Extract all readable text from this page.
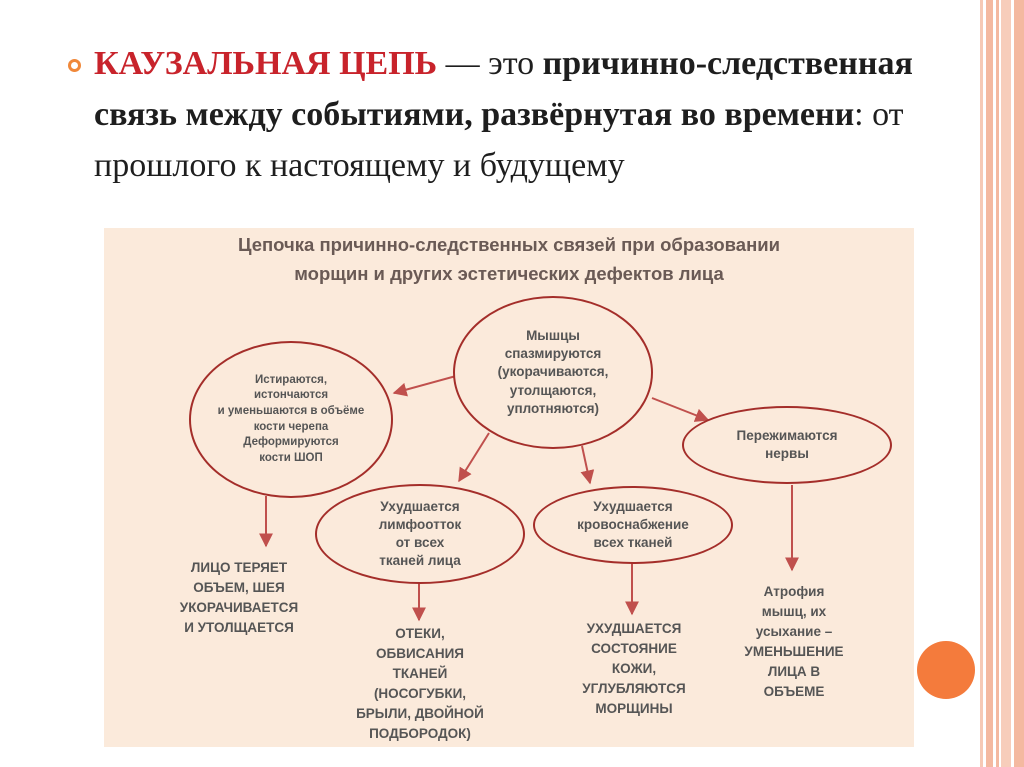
КАУЗАЛЬНАЯ ЦЕПЬ — это причинно-следственная связь между событиями, развёрнутая во времени: от прошлого к настоящему и будущему

Цепочка причинно-следственных связей при образовании
морщин и других эстетических дефектов лица

Мышцы
спазмируются
(укорачиваются,
утолщаются,
уплотняются)
Истираются,
истончаются
и уменьшаются в объёме
кости черепа
Деформируются
кости ШОП
Пережимаются
нервы
Ухудшается
лимфоотток
от всех
тканей лица
Ухудшается
кровоснабжение
всех тканей
ЛИЦО ТЕРЯЕТ
ОБЪЕМ, ШЕЯ
УКОРАЧИВАЕТСЯ
И УТОЛЩАЕТСЯ	ОТЕКИ,
ОБВИСАНИЯ
ТКАНЕЙ
(НОСОГУБКИ,
БРЫЛИ, ДВОЙНОЙ
ПОДБОРОДОК)
УХУДШАЕТСЯ
СОСТОЯНИЕ
КОЖИ,
УГЛУБЛЯЮТСЯ
МОРЩИНЫ
Атрофия
мышц, их
усыхание –
УМЕНЬШЕНИЕ
ЛИЦА В
ОБЪЕМЕ
